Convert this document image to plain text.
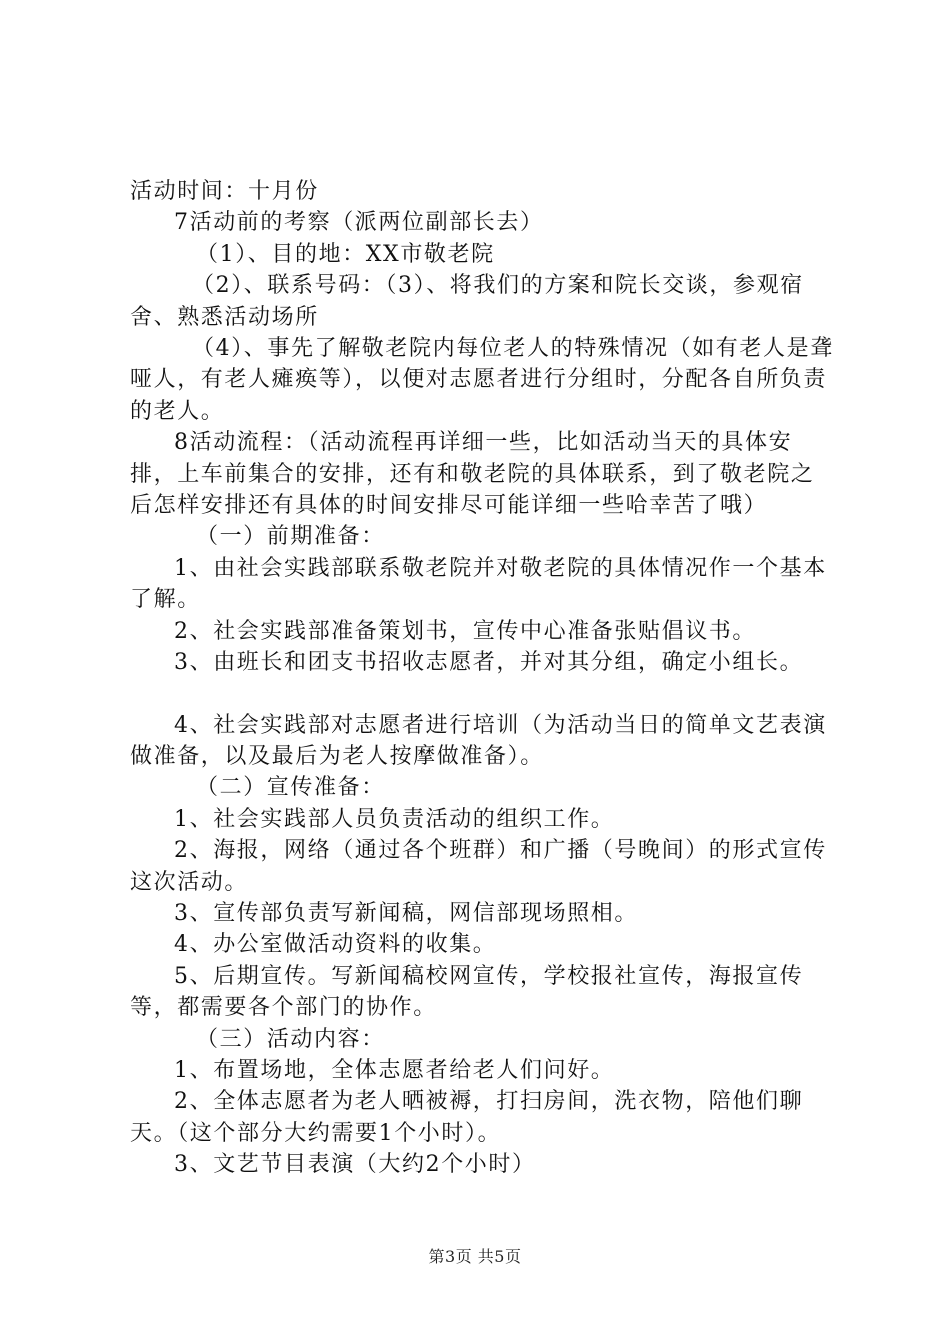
活动时间：十月份

7活动前的考察（派两位副部长去）

（1）、目的地：XX市敬老院

（2）、联系号码：（3）、将我们的方案和院长交谈，参观宿舍、熟悉活动场所

（4）、事先了解敬老院内每位老人的特殊情况（如有老人是聋哑人，有老人瘫痪等），以便对志愿者进行分组时，分配各自所负责的老人。

8活动流程：（活动流程再详细一些，比如活动当天的具体安排，上车前集合的安排，还有和敬老院的具体联系，到了敬老院之后怎样安排还有具体的时间安排尽可能详细一些哈幸苦了哦）

（一）前期准备：

1、由社会实践部联系敬老院并对敬老院的具体情况作一个基本了解。

2、社会实践部准备策划书，宣传中心准备张贴倡议书。

3、由班长和团支书招收志愿者，并对其分组，确定小组长。

4、社会实践部对志愿者进行培训（为活动当日的简单文艺表演做准备，以及最后为老人按摩做准备）。

（二）宣传准备：

1、社会实践部人员负责活动的组织工作。

2、海报，网络（通过各个班群）和广播（号晚间）的形式宣传这次活动。

3、宣传部负责写新闻稿，网信部现场照相。

4、办公室做活动资料的收集。

5、后期宣传。写新闻稿校网宣传，学校报社宣传，海报宣传等，都需要各个部门的协作。

（三）活动内容：

1、布置场地，全体志愿者给老人们问好。

2、全体志愿者为老人晒被褥，打扫房间，洗衣物，陪他们聊天。（这个部分大约需要1个小时）。

3、文艺节目表演（大约2个小时）

第3页 共5页
